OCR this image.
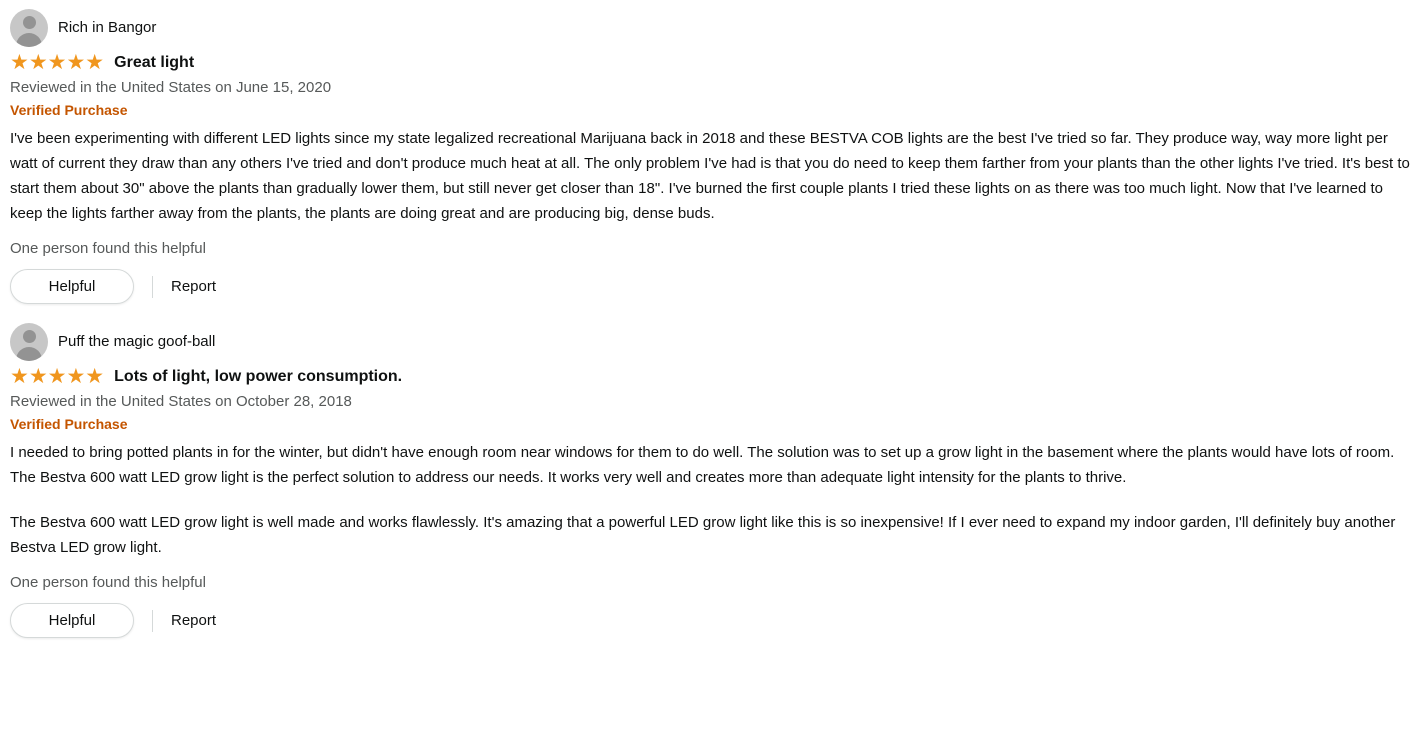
Rich in Bangor
★★★★★ Great light
Reviewed in the United States on June 15, 2020
Verified Purchase

I've been experimenting with different LED lights since my state legalized recreational Marijuana back in 2018 and these BESTVA COB lights are the best I've tried so far. They produce way, way more light per watt of current they draw than any others I've tried and don't produce much heat at all. The only problem I've had is that you do need to keep them farther from your plants than the other lights I've tried. It's best to start them about 30" above the plants than gradually lower them, but still never get closer than 18". I've burned the first couple plants I tried these lights on as there was too much light. Now that I've learned to keep the lights farther away from the plants, the plants are doing great and are producing big, dense buds.

One person found this helpful
Helpful	Report
Puff the magic goof-ball
★★★★★ Lots of light, low power consumption.
Reviewed in the United States on October 28, 2018
Verified Purchase

I needed to bring potted plants in for the winter, but didn't have enough room near windows for them to do well. The solution was to set up a grow light in the basement where the plants would have lots of room. The Bestva 600 watt LED grow light is the perfect solution to address our needs. It works very well and creates more than adequate light intensity for the plants to thrive.

The Bestva 600 watt LED grow light is well made and works flawlessly. It's amazing that a powerful LED grow light like this is so inexpensive! If I ever need to expand my indoor garden, I'll definitely buy another Bestva LED grow light.

One person found this helpful
Helpful	Report
